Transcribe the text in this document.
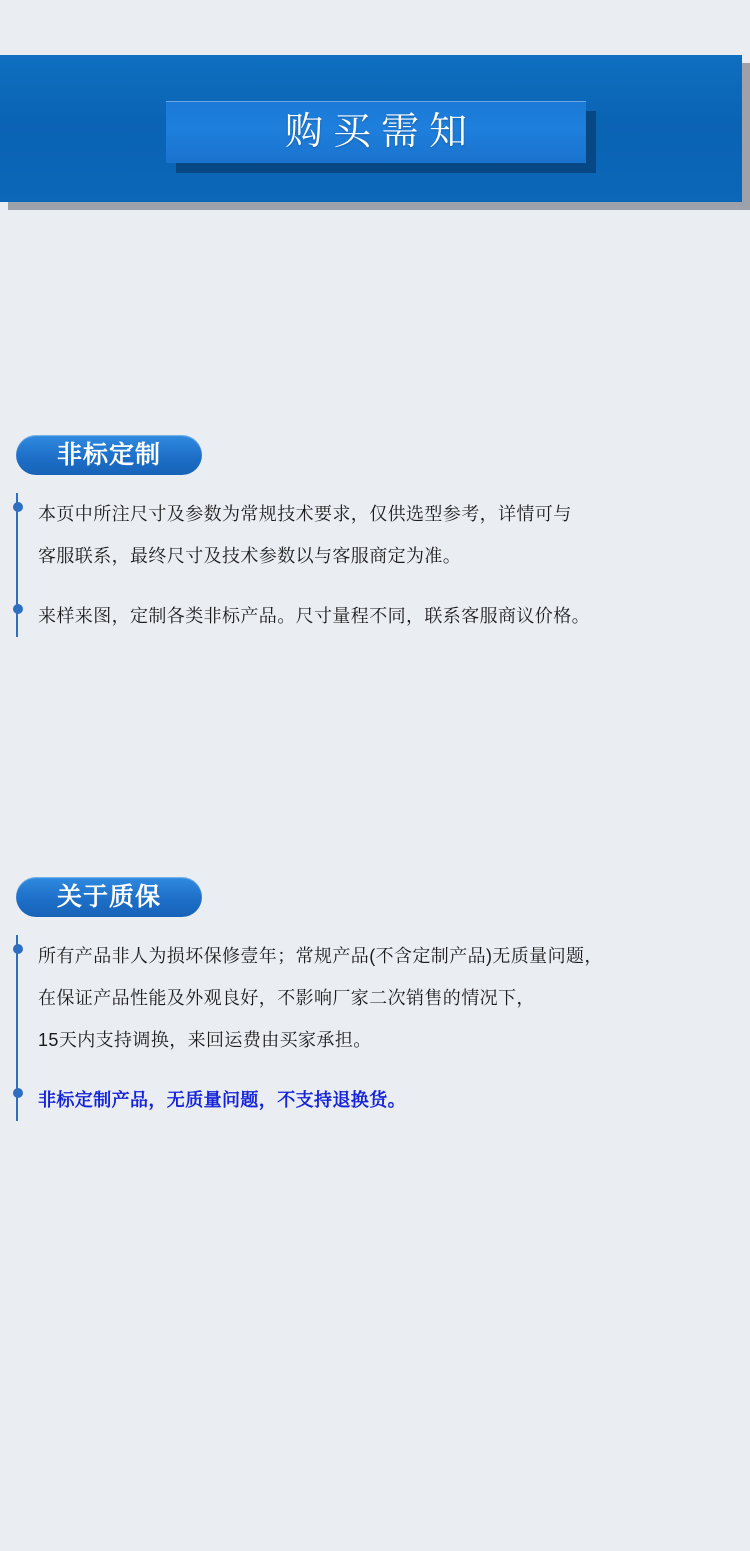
购买需知
非标定制
本页中所注尺寸及参数为常规技术要求，仅供选型参考，详情可与
客服联系，最终尺寸及技术参数以与客服商定为准。
来样来图，定制各类非标产品。尺寸量程不同，联系客服商议价格。
关于质保
所有产品非人为损坏保修壹年；常规产品(不含定制产品)无质量问题，
在保证产品性能及外观良好，不影响厂家二次销售的情况下，
15天内支持调换，来回运费由买家承担。
非标定制产品，无质量问题，不支持退换货。
